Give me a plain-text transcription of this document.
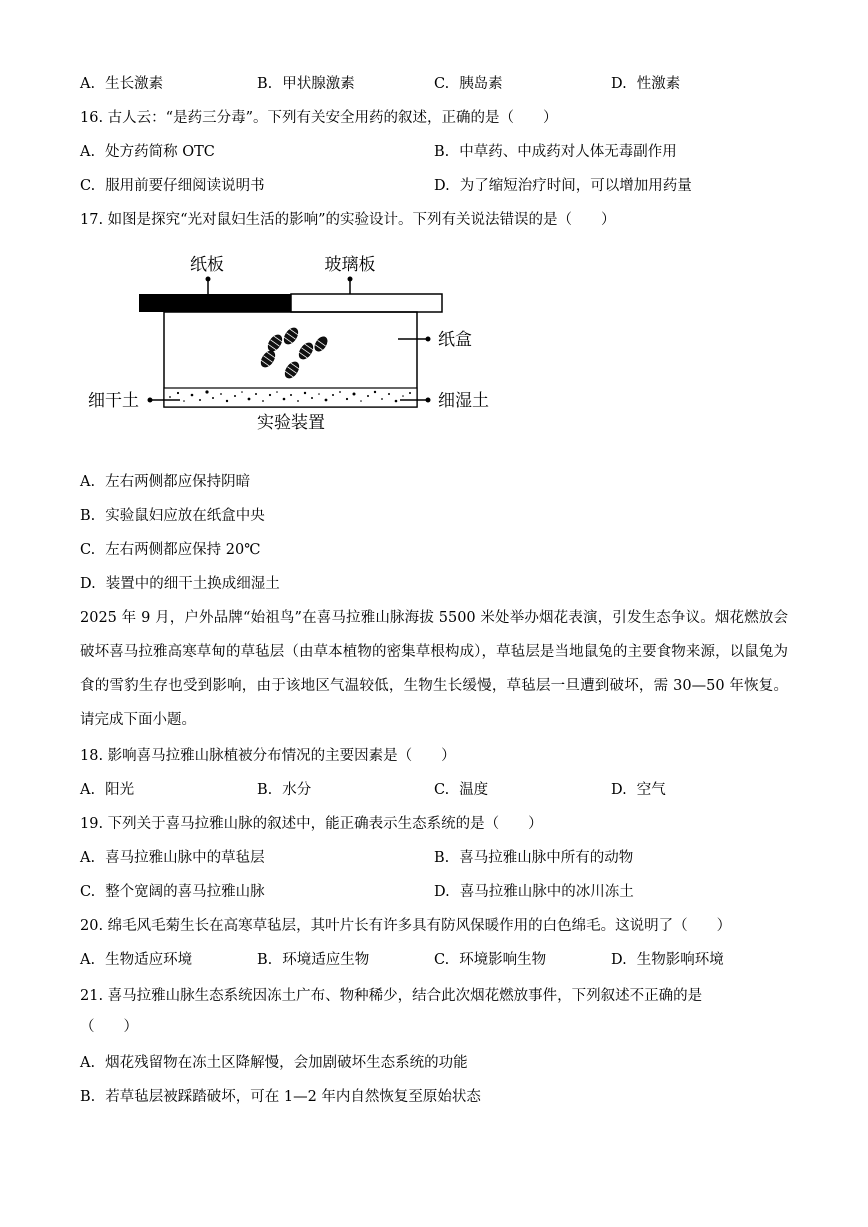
A. 生长激素	B. 甲状腺激素	C. 胰岛素	D. 性激素
16. 古人云：“是药三分毒”。下列有关安全用药的叙述，正确的是（　　）
A. 处方药简称 OTC	B. 中草药、中成药对人体无毒副作用
C. 服用前要仔细阅读说明书	D. 为了缩短治疗时间，可以增加用药量
17. 如图是探究“光对鼠妇生活的影响”的实验设计。下列有关说法错误的是（　　）
纸板	玻璃板
纸盒
细湿土
细干土
实验装置
A. 左右两侧都应保持阴暗
B. 实验鼠妇应放在纸盒中央
C. 左右两侧都应保持 20℃
D. 装置中的细干土换成细湿土
2025 年 9 月，户外品牌“始祖鸟”在喜马拉雅山脉海拔 5500 米处举办烟花表演，引发生态争议。烟花燃放会破坏喜马拉雅高寒草甸的草毡层（由草本植物的密集草根构成），草毡层是当地鼠兔的主要食物来源，以鼠兔为食的雪豹生存也受到影响，由于该地区气温较低，生物生长缓慢，草毡层一旦遭到破坏，需 30—50 年恢复。请完成下面小题。
18. 影响喜马拉雅山脉植被分布情况的主要因素是（　　）
A. 阳光	B. 水分	C. 温度	D. 空气
19. 下列关于喜马拉雅山脉的叙述中，能正确表示生态系统的是（　　）
A. 喜马拉雅山脉中的草毡层	B. 喜马拉雅山脉中所有的动物
C. 整个宽阔的喜马拉雅山脉	D. 喜马拉雅山脉中的冰川冻土
20. 绵毛风毛菊生长在高寒草毡层，其叶片长有许多具有防风保暖作用的白色绵毛。这说明了（　　）
A. 生物适应环境	B. 环境适应生物	C. 环境影响生物	D. 生物影响环境
21. 喜马拉雅山脉生态系统因冻土广布、物种稀少，结合此次烟花燃放事件，下列叙述不正确的是
（　　）
A. 烟花残留物在冻土区降解慢，会加剧破坏生态系统的功能
B. 若草毡层被踩踏破坏，可在 1—2 年内自然恢复至原始状态
